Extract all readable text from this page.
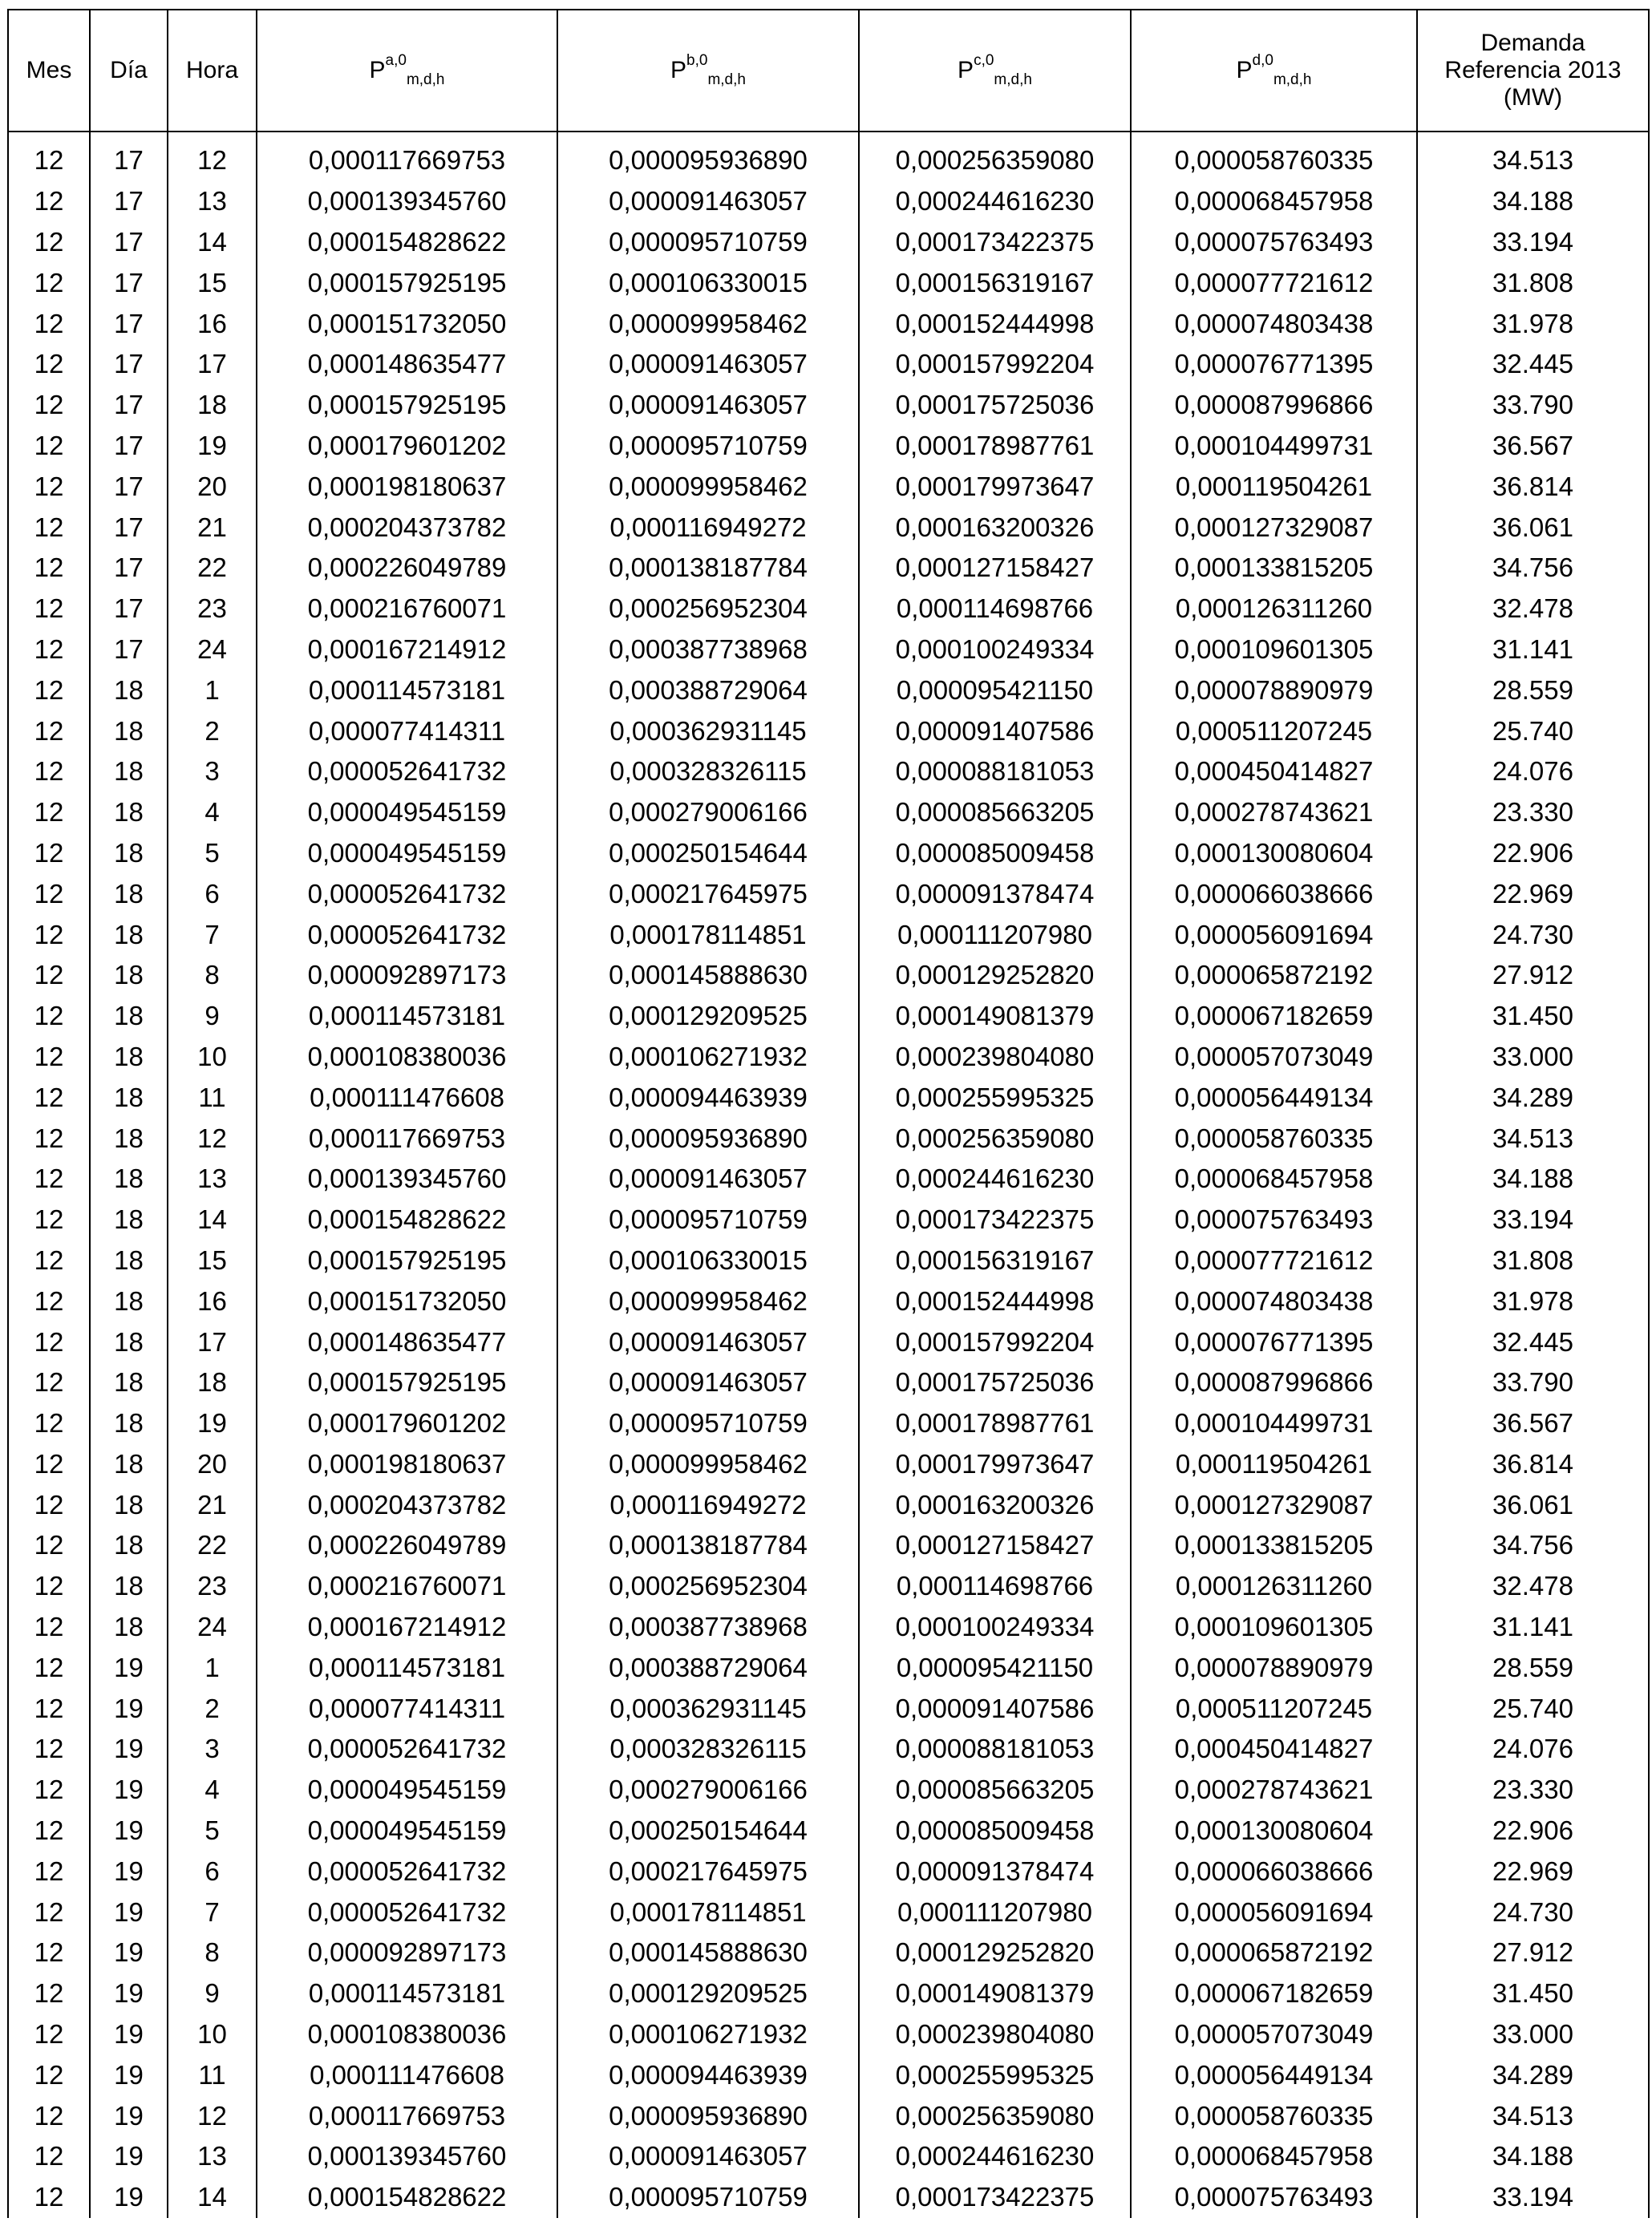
Mes	Día	Hora	P$^{a,0}_{m,d,h}$	P$^{b,0}_{m,d,h}$	P$^{c,0}_{m,d,h}$	P$^{d,0}_{m,d,h}$	Demanda
Referencia 2013
(MW)

12	17	12	0,000117669753	0,000095936890	0,000256359080	0,000058760335	34.513
12	17	13	0,000139345760	0,000091463057	0,000244616230	0,000068457958	34.188
12	17	14	0,000154828622	0,000095710759	0,000173422375	0,000075763493	33.194
12	17	15	0,000157925195	0,000106330015	0,000156319167	0,000077721612	31.808
12	17	16	0,000151732050	0,000099958462	0,000152444998	0,000074803438	31.978
12	17	17	0,000148635477	0,000091463057	0,000157992204	0,000076771395	32.445
12	17	18	0,000157925195	0,000091463057	0,000175725036	0,000087996866	33.790
12	17	19	0,000179601202	0,000095710759	0,000178987761	0,000104499731	36.567
12	17	20	0,000198180637	0,000099958462	0,000179973647	0,000119504261	36.814
12	17	21	0,000204373782	0,000116949272	0,000163200326	0,000127329087	36.061
12	17	22	0,000226049789	0,000138187784	0,000127158427	0,000133815205	34.756
12	17	23	0,000216760071	0,000256952304	0,000114698766	0,000126311260	32.478
12	17	24	0,000167214912	0,000387738968	0,000100249334	0,000109601305	31.141
12	18	1	0,000114573181	0,000388729064	0,000095421150	0,000078890979	28.559
12	18	2	0,000077414311	0,000362931145	0,000091407586	0,000511207245	25.740
12	18	3	0,000052641732	0,000328326115	0,000088181053	0,000450414827	24.076
12	18	4	0,000049545159	0,000279006166	0,000085663205	0,000278743621	23.330
12	18	5	0,000049545159	0,000250154644	0,000085009458	0,000130080604	22.906
12	18	6	0,000052641732	0,000217645975	0,000091378474	0,000066038666	22.969
12	18	7	0,000052641732	0,000178114851	0,000111207980	0,000056091694	24.730
12	18	8	0,000092897173	0,000145888630	0,000129252820	0,000065872192	27.912
12	18	9	0,000114573181	0,000129209525	0,000149081379	0,000067182659	31.450
12	18	10	0,000108380036	0,000106271932	0,000239804080	0,000057073049	33.000
12	18	11	0,000111476608	0,000094463939	0,000255995325	0,000056449134	34.289
12	18	12	0,000117669753	0,000095936890	0,000256359080	0,000058760335	34.513
12	18	13	0,000139345760	0,000091463057	0,000244616230	0,000068457958	34.188
12	18	14	0,000154828622	0,000095710759	0,000173422375	0,000075763493	33.194
12	18	15	0,000157925195	0,000106330015	0,000156319167	0,000077721612	31.808
12	18	16	0,000151732050	0,000099958462	0,000152444998	0,000074803438	31.978
12	18	17	0,000148635477	0,000091463057	0,000157992204	0,000076771395	32.445
12	18	18	0,000157925195	0,000091463057	0,000175725036	0,000087996866	33.790
12	18	19	0,000179601202	0,000095710759	0,000178987761	0,000104499731	36.567
12	18	20	0,000198180637	0,000099958462	0,000179973647	0,000119504261	36.814
12	18	21	0,000204373782	0,000116949272	0,000163200326	0,000127329087	36.061
12	18	22	0,000226049789	0,000138187784	0,000127158427	0,000133815205	34.756
12	18	23	0,000216760071	0,000256952304	0,000114698766	0,000126311260	32.478
12	18	24	0,000167214912	0,000387738968	0,000100249334	0,000109601305	31.141
12	19	1	0,000114573181	0,000388729064	0,000095421150	0,000078890979	28.559
12	19	2	0,000077414311	0,000362931145	0,000091407586	0,000511207245	25.740
12	19	3	0,000052641732	0,000328326115	0,000088181053	0,000450414827	24.076
12	19	4	0,000049545159	0,000279006166	0,000085663205	0,000278743621	23.330
12	19	5	0,000049545159	0,000250154644	0,000085009458	0,000130080604	22.906
12	19	6	0,000052641732	0,000217645975	0,000091378474	0,000066038666	22.969
12	19	7	0,000052641732	0,000178114851	0,000111207980	0,000056091694	24.730
12	19	8	0,000092897173	0,000145888630	0,000129252820	0,000065872192	27.912
12	19	9	0,000114573181	0,000129209525	0,000149081379	0,000067182659	31.450
12	19	10	0,000108380036	0,000106271932	0,000239804080	0,000057073049	33.000
12	19	11	0,000111476608	0,000094463939	0,000255995325	0,000056449134	34.289
12	19	12	0,000117669753	0,000095936890	0,000256359080	0,000058760335	34.513
12	19	13	0,000139345760	0,000091463057	0,000244616230	0,000068457958	34.188
12	19	14	0,000154828622	0,000095710759	0,000173422375	0,000075763493	33.194
